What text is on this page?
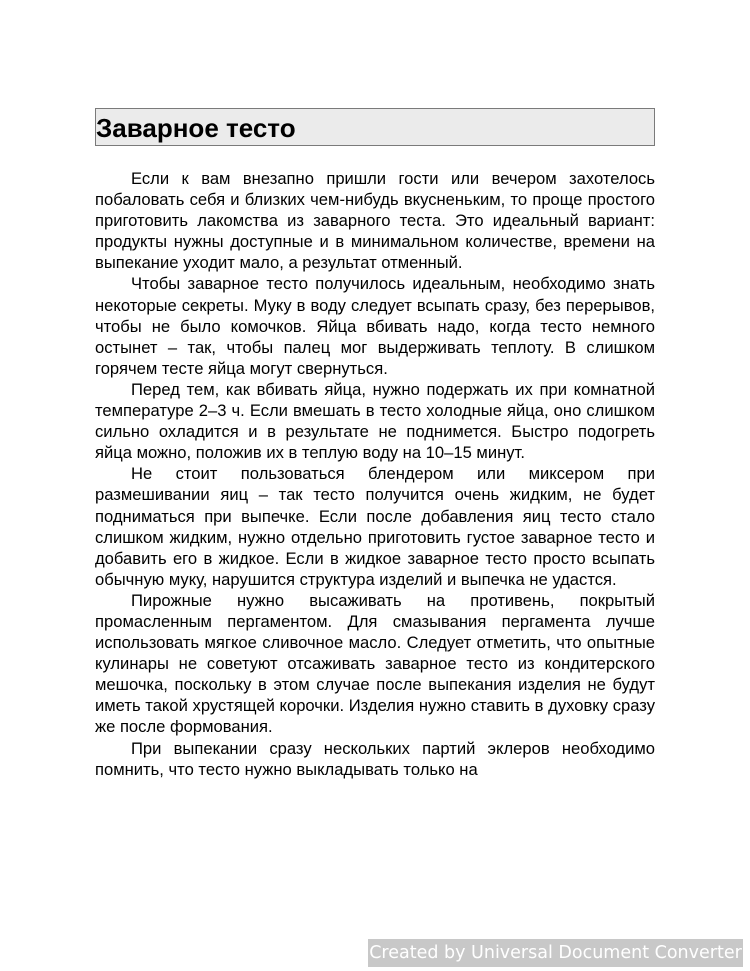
Заварное тесто

Если к вам внезапно пришли гости или вечером захотелось побаловать себя и близких чем-нибудь вкусненьким, то проще простого приготовить лакомства из заварного теста. Это идеальный вариант: продукты нужны доступные и в минимальном количестве, времени на выпекание уходит мало, а результат отменный.

Чтобы заварное тесто получилось идеальным, необходимо знать некоторые секреты. Муку в воду следует всыпать сразу, без перерывов, чтобы не было комочков. Яйца вбивать надо, когда тесто немного остынет – так, чтобы палец мог выдерживать теплоту. В слишком горячем тесте яйца могут свернуться.

Перед тем, как вбивать яйца, нужно подержать их при комнатной температуре 2–3 ч. Если вмешать в тесто холодные яйца, оно слишком сильно охладится и в результате не поднимется. Быстро подогреть яйца можно, положив их в теплую воду на 10–15 минут.

Не стоит пользоваться блендером или миксером при размешивании яиц – так тесто получится очень жидким, не будет подниматься при выпечке. Если после добавления яиц тесто стало слишком жидким, нужно отдельно приготовить густое заварное тесто и добавить его в жидкое. Если в жидкое заварное тесто просто всыпать обычную муку, нарушится структура изделий и выпечка не удастся.

Пирожные нужно высаживать на противень, покрытый промасленным пергаментом. Для смазывания пергамента лучше использовать мягкое сливочное масло. Следует отметить, что опытные кулинары не советуют отсаживать заварное тесто из кондитерского мешочка, поскольку в этом случае после выпекания изделия не будут иметь такой хрустящей корочки. Изделия нужно ставить в духовку сразу же после формования.

При выпекании сразу нескольких партий эклеров необходимо помнить, что тесто нужно выкладывать только на

Created by Universal Document Converter
